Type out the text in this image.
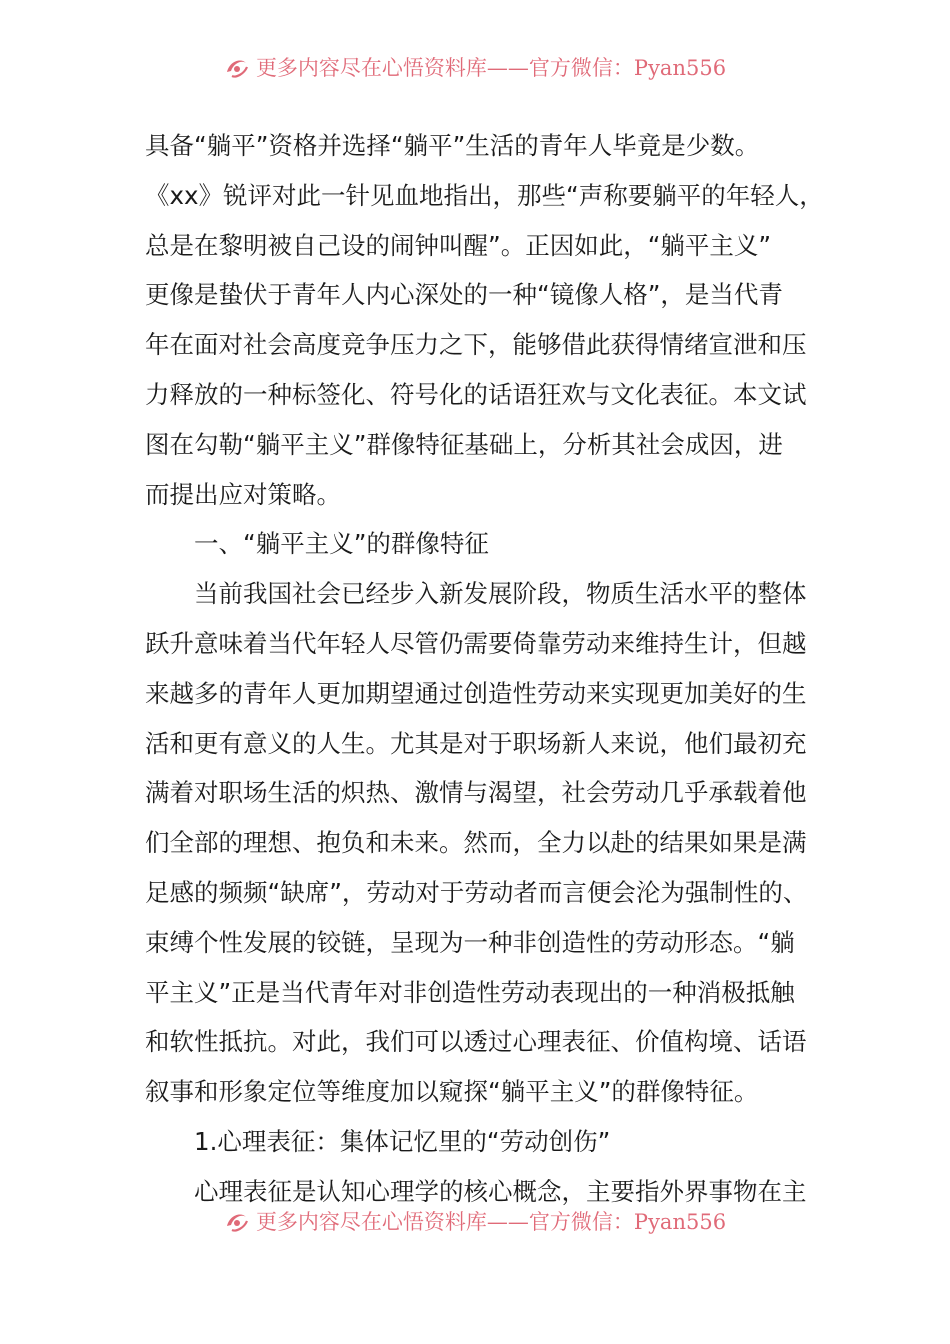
更多内容尽在心悟资料库——官方微信：Pyan556
具备“躺平”资格并选择“躺平”生活的青年人毕竟是少数。
《xx》锐评对此一针见血地指出，那些“声称要躺平的年轻人，
总是在黎明被自己设的闹钟叫醒”。正因如此，“躺平主义”
更像是蛰伏于青年人内心深处的一种“镜像人格”，是当代青
年在面对社会高度竞争压力之下，能够借此获得情绪宣泄和压
力释放的一种标签化、符号化的话语狂欢与文化表征。本文试
图在勾勒“躺平主义”群像特征基础上，分析其社会成因，进
而提出应对策略。
一、“躺平主义”的群像特征
当前我国社会已经步入新发展阶段，物质生活水平的整体
跃升意味着当代年轻人尽管仍需要倚靠劳动来维持生计，但越
来越多的青年人更加期望通过创造性劳动来实现更加美好的生
活和更有意义的人生。尤其是对于职场新人来说，他们最初充
满着对职场生活的炽热、激情与渴望，社会劳动几乎承载着他
们全部的理想、抱负和未来。然而，全力以赴的结果如果是满
足感的频频“缺席”，劳动对于劳动者而言便会沦为强制性的、
束缚个性发展的铰链，呈现为一种非创造性的劳动形态。“躺
平主义”正是当代青年对非创造性劳动表现出的一种消极抵触
和软性抵抗。对此，我们可以透过心理表征、价值构境、话语
叙事和形象定位等维度加以窥探“躺平主义”的群像特征。
1.心理表征：集体记忆里的“劳动创伤”
心理表征是认知心理学的核心概念，主要指外界事物在主
更多内容尽在心悟资料库——官方微信：Pyan556
